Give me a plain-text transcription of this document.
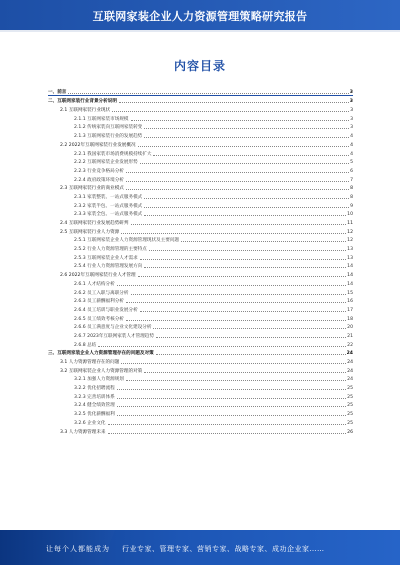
互联网家装企业人力资源管理策略研究报告
内容目录
一、前言	3
二、互联网家装行业背景分析说明	3
2.1 互联网家装行业现状	3
2.1.1 互联网家装市场规模	3
2.1.2 传统家装向互联网家装转变	3
2.1.3 互联网家装行业的发展趋势	4
2.2 2022年互联网家装行业发展概况	4
2.2.1 我国家装市场消费规模持续扩大	4
2.2.2 互联网家装企业发展形势	5
2.2.3 行业竞争格局分析	6
2.2.4 政府政策环境分析	7
2.3 互联网家装行业的商业模式	8
2.3.1 家装整装、一站式服务模式	8
2.3.2 家装半包、一站式服务模式	9
2.3.3 家装全包、一站式服务模式	10
2.4 互联网家装行业发展趋势研判	11
2.5 互联网家装行业人力资源	12
2.5.1 互联网家装企业人力资源管理现状及主要问题	12
2.5.2 行业人力资源管理的主要特点	13
2.5.3 互联网家装企业人才需求	13
2.5.4 行业人力资源管理发展方向	14
2.6 2022年互联网家装行业人才管理	14
2.6.1 人才结构分析	14
2.6.2 员工入职与离职分析	15
2.6.3 员工薪酬福利分析	16
2.6.4 员工培训与职业发展分析	17
2.6.5 员工绩效考核分析	18
2.6.6 员工满意度与企业文化建设分析	20
2.6.7 2023年互联网家装人才管理趋势	21
2.6.8 总结	22
三、互联网家装企业人力资源管理存在的问题及对策	24
3.1 人力资源管理存在的问题	24
3.2 互联网家装企业人力资源管理的对策	24
3.2.1 加强人力资源规划	24
3.2.2 优化招聘流程	25
3.2.3 完善培训体系	25
3.2.4 健全绩效管理	25
3.2.5 优化薪酬福利	25
3.2.6 企业文化	25
3.3 人力资源管理未来	26
让每个人都能成为 行业专家、管理专家、营销专家、战略专家、成功企业家……
